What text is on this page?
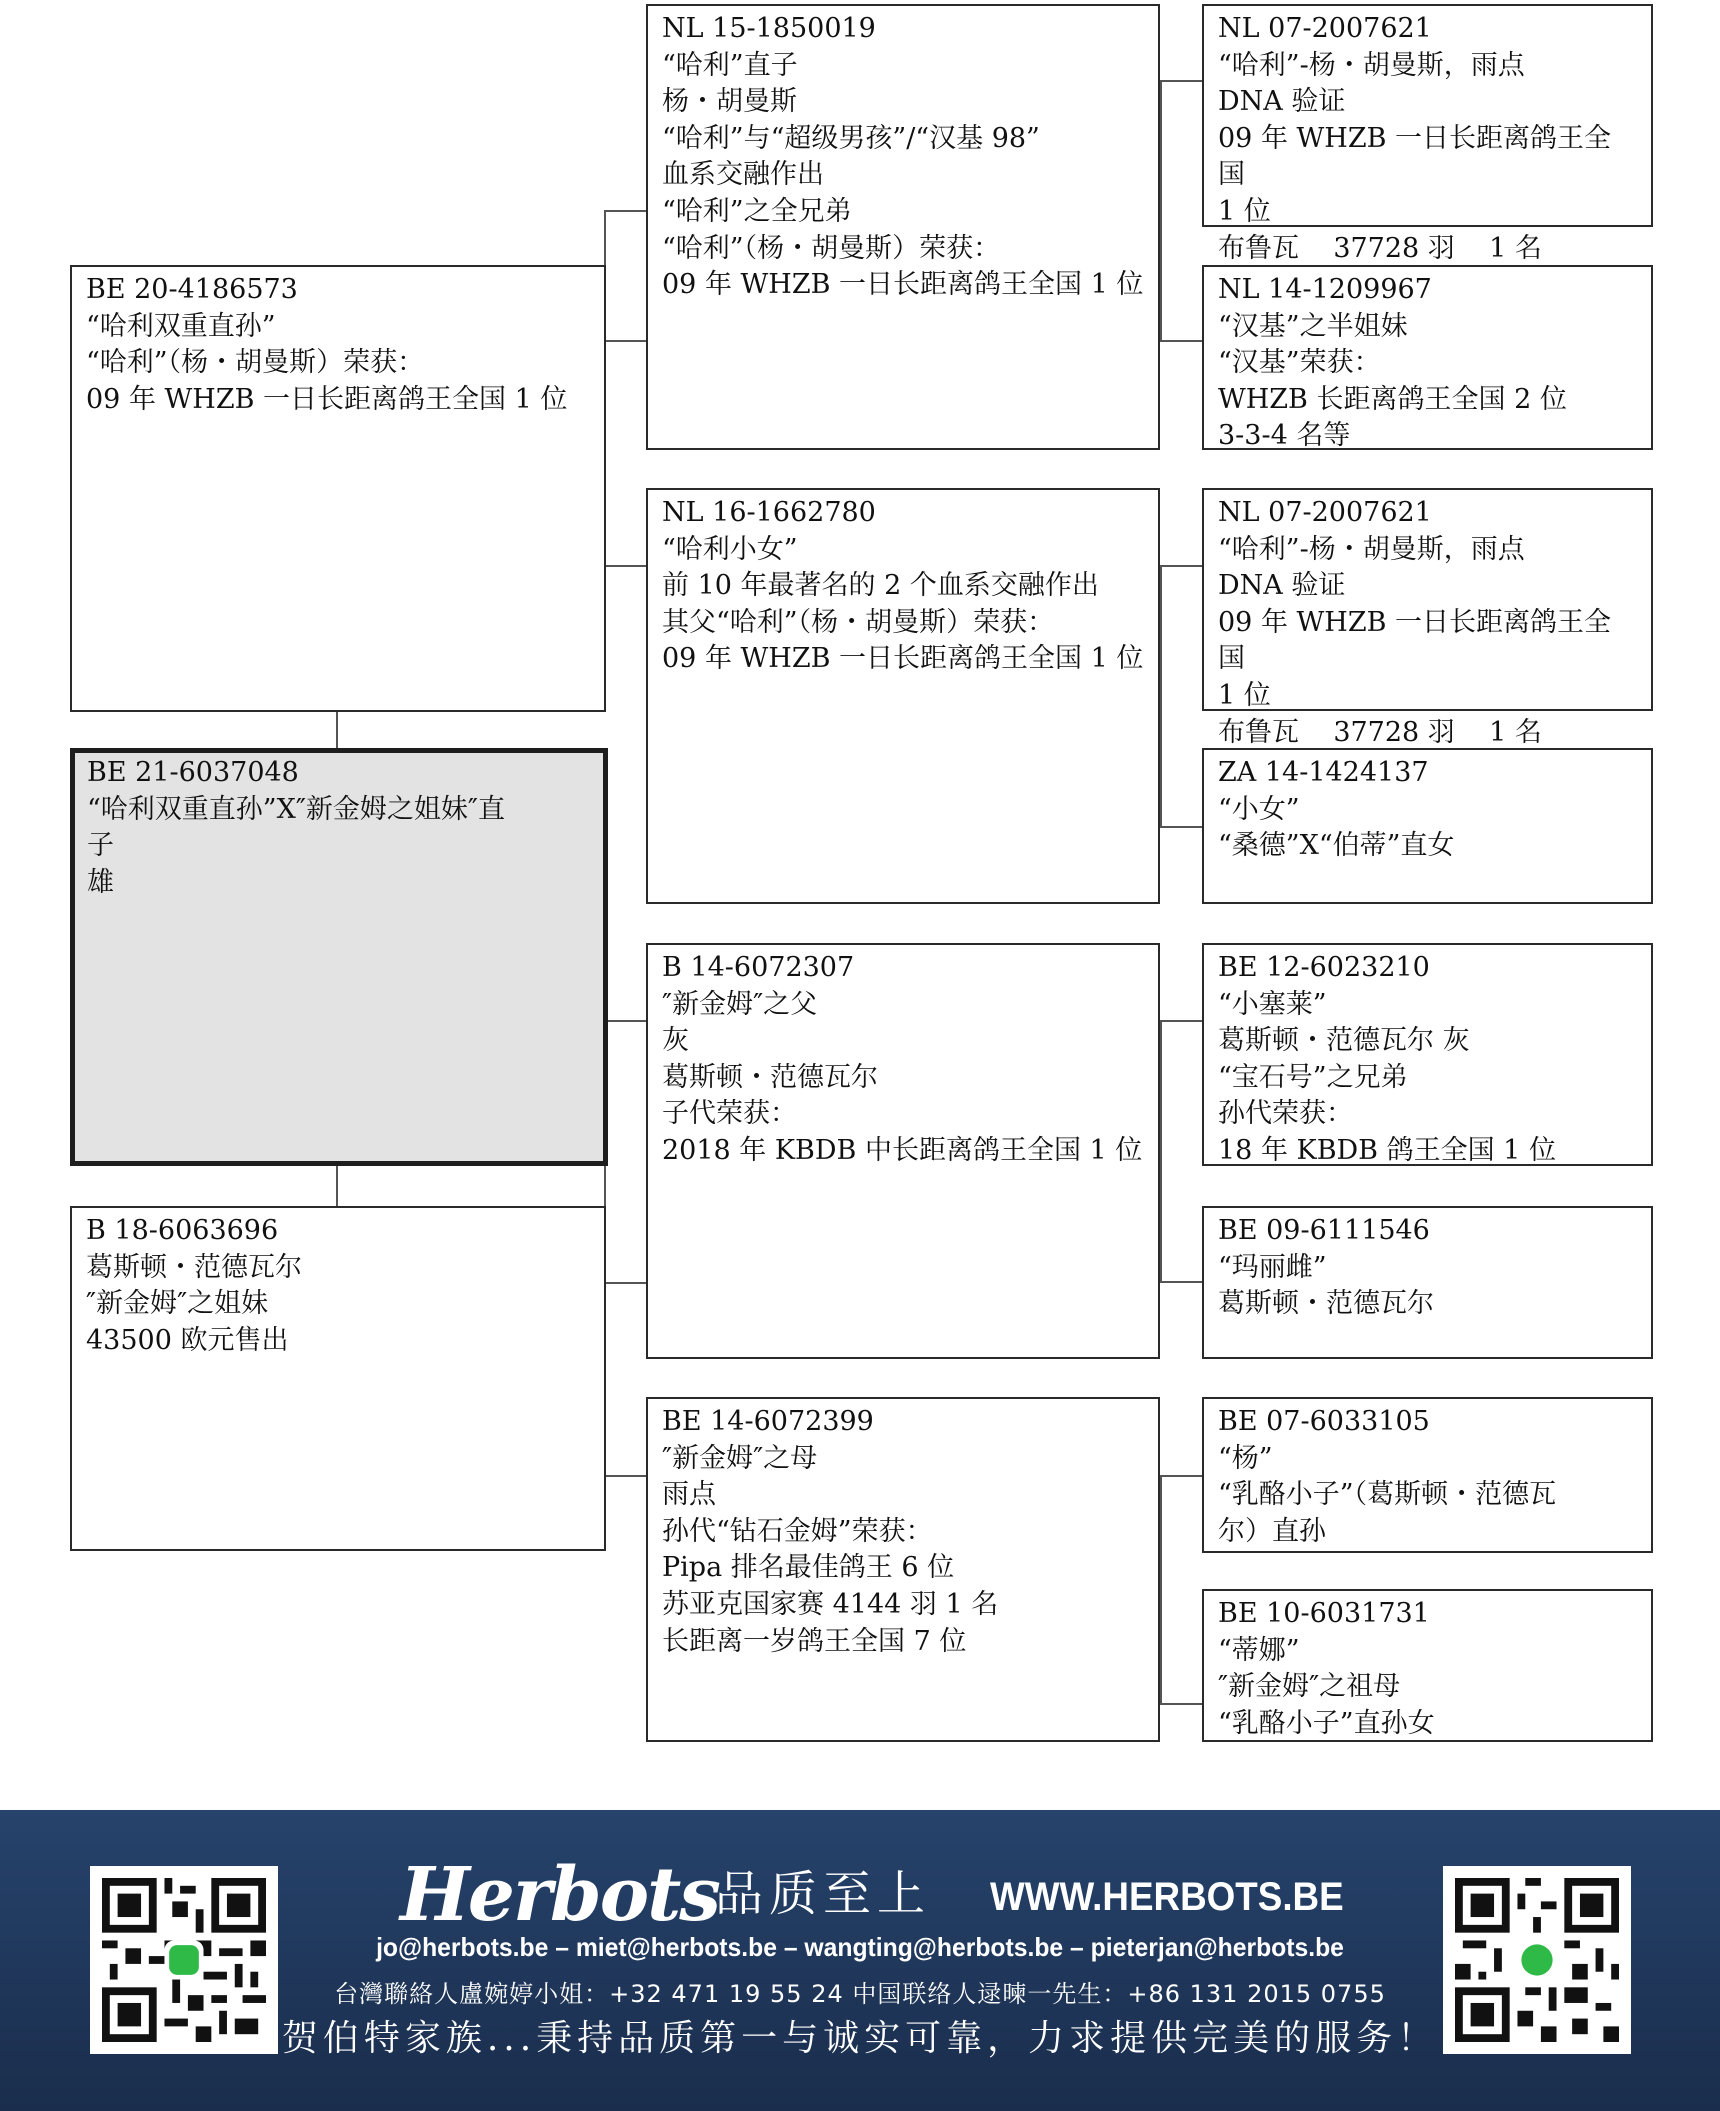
BE 20-4186573
“哈利双重直孙”
“哈利”（杨・胡曼斯）荣获：
09 年 WHZB 一日长距离鸽王全国 1 位
BE 21-6037048
“哈利双重直孙”X″新金姆之姐妹″直
子
雄
B 18-6063696
葛斯顿・范德瓦尔
″新金姆″之姐妹
43500 欧元售出
NL 15-1850019
“哈利”直子
杨・胡曼斯
“哈利”与“超级男孩”/“汉基 98”
血系交融作出
“哈利”之全兄弟
“哈利”（杨・胡曼斯）荣获：
09 年 WHZB 一日长距离鸽王全国 1 位
NL 16-1662780
“哈利小女”
前 10 年最著名的 2 个血系交融作出
其父“哈利”（杨・胡曼斯）荣获：
09 年 WHZB 一日长距离鸽王全国 1 位
B 14-6072307
″新金姆″之父
灰
葛斯顿・范德瓦尔
子代荣获：
2018 年 KBDB 中长距离鸽王全国 1 位
BE 14-6072399
″新金姆″之母
雨点
孙代“钻石金姆”荣获：
Pipa 排名最佳鸽王 6 位
苏亚克国家赛 4144 羽 1 名
长距离一岁鸽王全国 7 位
NL 07-2007621
“哈利”-杨・胡曼斯，雨点
DNA 验证
09 年 WHZB 一日长距离鸽王全国
1 位
布鲁瓦    37728 羽    1 名
NL 14-1209967
“汉基”之半姐妹
“汉基”荣获：
WHZB 长距离鸽王全国 2 位
3-3-4 名等
NL 07-2007621
“哈利”-杨・胡曼斯，雨点
DNA 验证
09 年 WHZB 一日长距离鸽王全国
1 位
布鲁瓦    37728 羽    1 名
ZA 14-1424137
“小女”
“桑德”X“伯蒂”直女
BE 12-6023210
“小塞莱”
葛斯顿・范德瓦尔 灰
“宝石号”之兄弟
孙代荣获：
18 年 KBDB 鸽王全国 1 位
BE 09-6111546
“玛丽雌”
葛斯顿・范德瓦尔
BE 07-6033105
“杨”
“乳酪小子”（葛斯顿・范德瓦
尔）直孙
BE 10-6031731
“蒂娜”
″新金姆″之祖母
“乳酪小子”直孙女
Herbots
品质至上 WWW.HERBOTS.BE
jo@herbots.be – miet@herbots.be – wangting@herbots.be – pieterjan@herbots.be
台灣聯絡人盧婉婷小姐：+32 471 19 55 24 中国联络人逯暕一先生：+86 131 2015 0755
贺伯特家族...秉持品质第一与诚实可靠，力求提供完美的服务！
